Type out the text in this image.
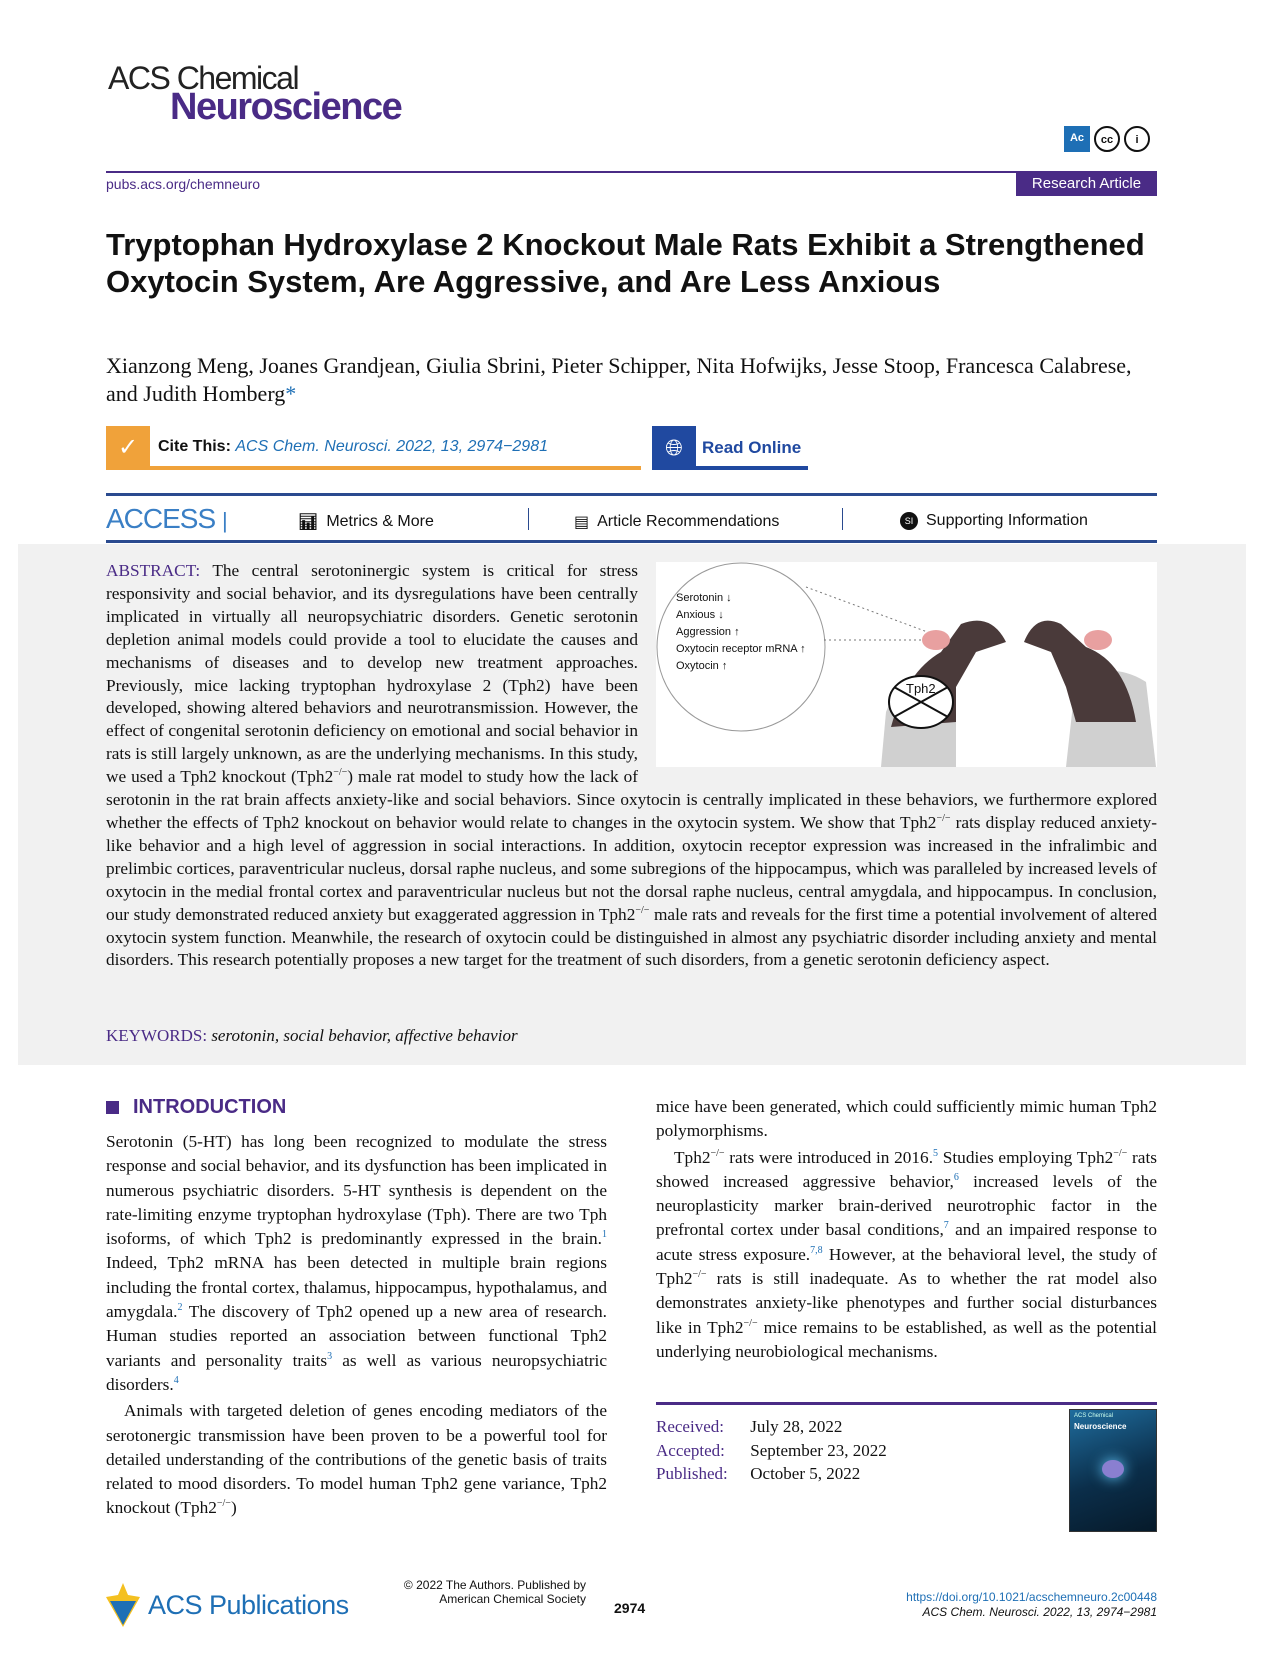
ACS Chemical
Neuroscience
Ac	cc	i
pubs.acs.org/chemneuro	Research Article
Tryptophan Hydroxylase 2 Knockout Male Rats Exhibit a Strengthened Oxytocin System, Are Aggressive, and Are Less Anxious
Xianzong Meng, Joanes Grandjean, Giulia Sbrini, Pieter Schipper, Nita Hofwijks, Jesse Stoop, Francesca Calabrese, and Judith Homberg*
✓	Cite This: ACS Chem. Neurosci. 2022, 13, 2974−2981	🌐︎	Read Online
ACCESS |	📊︎ Metrics & More	▤ Article Recommendations	SI Supporting Information
Serotonin ↓
Anxious ↓
Aggression ↑
Oxytocin receptor mRNA ↑
Oxytocin ↑
Tph2
ABSTRACT: The central serotoninergic system is critical for stress responsivity and social behavior, and its dysregulations have been centrally implicated in virtually all neuropsychiatric disorders. Genetic serotonin depletion animal models could provide a tool to elucidate the causes and mechanisms of diseases and to develop new treatment approaches. Previously, mice lacking tryptophan hydroxylase 2 (Tph2) have been developed, showing altered behaviors and neurotransmission. However, the effect of congenital serotonin deficiency on emotional and social behavior in rats is still largely unknown, as are the underlying mechanisms. In this study, we used a Tph2 knockout (Tph2−/−) male rat model to study how the lack of serotonin in the rat brain affects anxiety-like and social behaviors. Since oxytocin is centrally implicated in these behaviors, we furthermore explored whether the effects of Tph2 knockout on behavior would relate to changes in the oxytocin system. We show that Tph2−/− rats display reduced anxiety-like behavior and a high level of aggression in social interactions. In addition, oxytocin receptor expression was increased in the infralimbic and prelimbic cortices, paraventricular nucleus, dorsal raphe nucleus, and some subregions of the hippocampus, which was paralleled by increased levels of oxytocin in the medial frontal cortex and paraventricular nucleus but not the dorsal raphe nucleus, central amygdala, and hippocampus. In conclusion, our study demonstrated reduced anxiety but exaggerated aggression in Tph2−/− male rats and reveals for the first time a potential involvement of altered oxytocin system function. Meanwhile, the research of oxytocin could be distinguished in almost any psychiatric disorder including anxiety and mental disorders. This research potentially proposes a new target for the treatment of such disorders, from a genetic serotonin deficiency aspect.
KEYWORDS: serotonin, social behavior, affective behavior
INTRODUCTION

Serotonin (5-HT) has long been recognized to modulate the stress response and social behavior, and its dysfunction has been implicated in numerous psychiatric disorders. 5-HT synthesis is dependent on the rate-limiting enzyme tryptophan hydroxylase (Tph). There are two Tph isoforms, of which Tph2 is predominantly expressed in the brain.$^1$ Indeed, Tph2 mRNA has been detected in multiple brain regions including the frontal cortex, thalamus, hippocampus, hypothalamus, and amygdala.$^2$ The discovery of Tph2 opened up a new area of research. Human studies reported an association between functional Tph2 variants and personality traits$^3$ as well as various neuropsychiatric disorders.$^4$

Animals with targeted deletion of genes encoding mediators of the serotonergic transmission have been proven to be a powerful tool for detailed understanding of the contributions of the genetic basis of traits related to mood disorders. To model human Tph2 gene variance, Tph2 knockout (Tph2−/−)

mice have been generated, which could sufficiently mimic human Tph2 polymorphisms.

Tph2−/− rats were introduced in 2016.$^5$ Studies employing Tph2−/− rats showed increased aggressive behavior,$^6$ increased levels of the neuroplasticity marker brain-derived neurotrophic factor in the prefrontal cortex under basal conditions,$^7$ and an impaired response to acute stress exposure.$^{7,8}$ However, at the behavioral level, the study of Tph2−/− rats is still inadequate. As to whether the rat model also demonstrates anxiety-like phenotypes and further social disturbances like in Tph2−/− mice remains to be established, as well as the potential underlying neurobiological mechanisms.

Received: July 28, 2022
Accepted: September 23, 2022
Published: October 5, 2022
ACS Chemical
Neuroscience
ACS Publications
© 2022 The Authors. Published by American Chemical Society
2974
https://doi.org/10.1021/acschemneuro.2c00448
ACS Chem. Neurosci. 2022, 13, 2974−2981
